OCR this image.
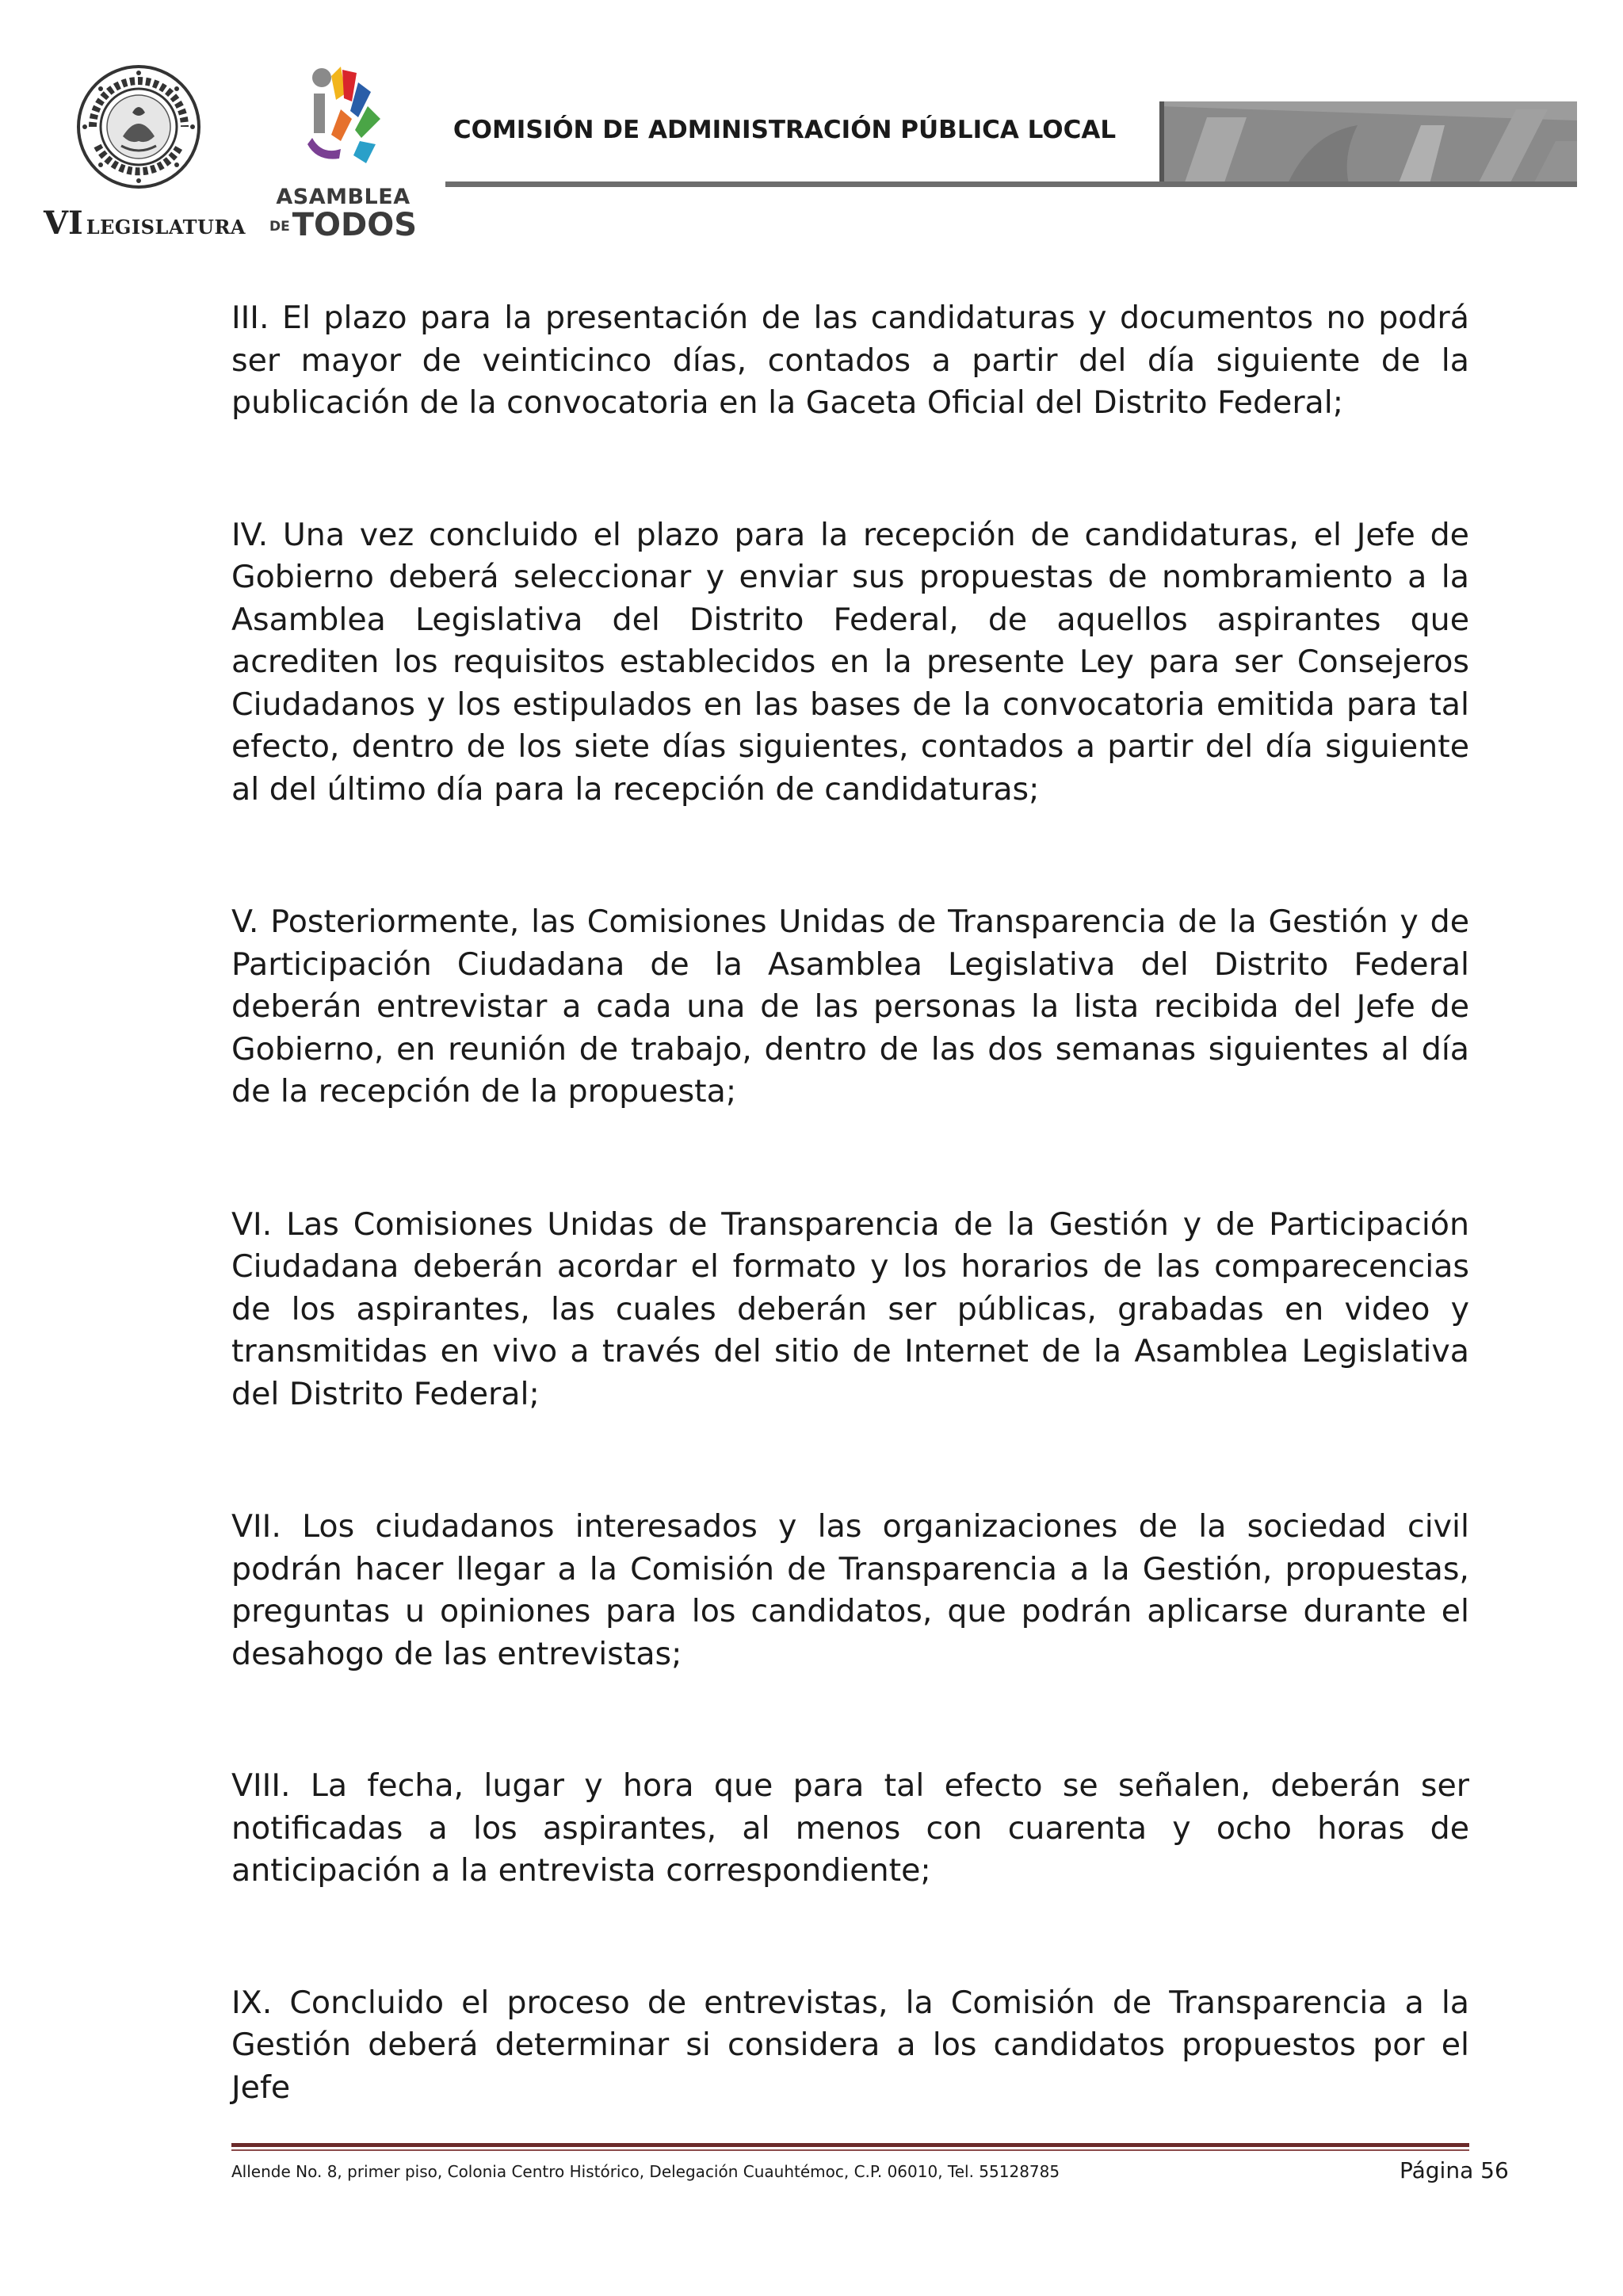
VI LEGISLATURA
ASAMBLEA
DETODOS
COMISIÓN DE ADMINISTRACIÓN PÚBLICA LOCAL

III. El plazo para la presentación de las candidaturas y documentos no podrá ser mayor de veinticinco días, contados a partir del día siguiente de la publicación de la convocatoria en la Gaceta Oficial del Distrito Federal;

IV. Una vez concluido el plazo para la recepción de candidaturas, el Jefe de Gobierno deberá seleccionar y enviar sus propuestas de nombramiento a la Asamblea Legislativa del Distrito Federal, de aquellos aspirantes que acrediten los requisitos establecidos en la presente Ley para ser Consejeros Ciudadanos y los estipulados en las bases de la convocatoria emitida para tal efecto, dentro de los siete días siguientes, contados a partir del día siguiente al del último día para la recepción de candidaturas;

V. Posteriormente, las Comisiones Unidas de Transparencia de la Gestión y de Participación Ciudadana de la Asamblea Legislativa del Distrito Federal deberán entrevistar a cada una de las personas la lista recibida del Jefe de Gobierno, en reunión de trabajo, dentro de las dos semanas siguientes al día de la recepción de la propuesta;

VI. Las Comisiones Unidas de Transparencia de la Gestión y de Participación Ciudadana deberán acordar el formato y los horarios de las comparecencias de los aspirantes, las cuales deberán ser públicas, grabadas en video y transmitidas en vivo a través del sitio de Internet de la Asamblea Legislativa del Distrito Federal;

VII. Los ciudadanos interesados y las organizaciones de la sociedad civil podrán hacer llegar a la Comisión de Transparencia a la Gestión, propuestas, preguntas u opiniones para los candidatos, que podrán aplicarse durante el desahogo de las entrevistas;

VIII. La fecha, lugar y hora que para tal efecto se señalen, deberán ser notificadas a los aspirantes, al menos con cuarenta y ocho horas de anticipación a la entrevista correspondiente;

IX. Concluido el proceso de entrevistas, la Comisión de Transparencia a la Gestión deberá determinar si considera a los candidatos propuestos por el Jefe

Allende No. 8, primer piso, Colonia Centro Histórico, Delegación Cuauhtémoc, C.P. 06010, Tel. 55128785	Página 56
